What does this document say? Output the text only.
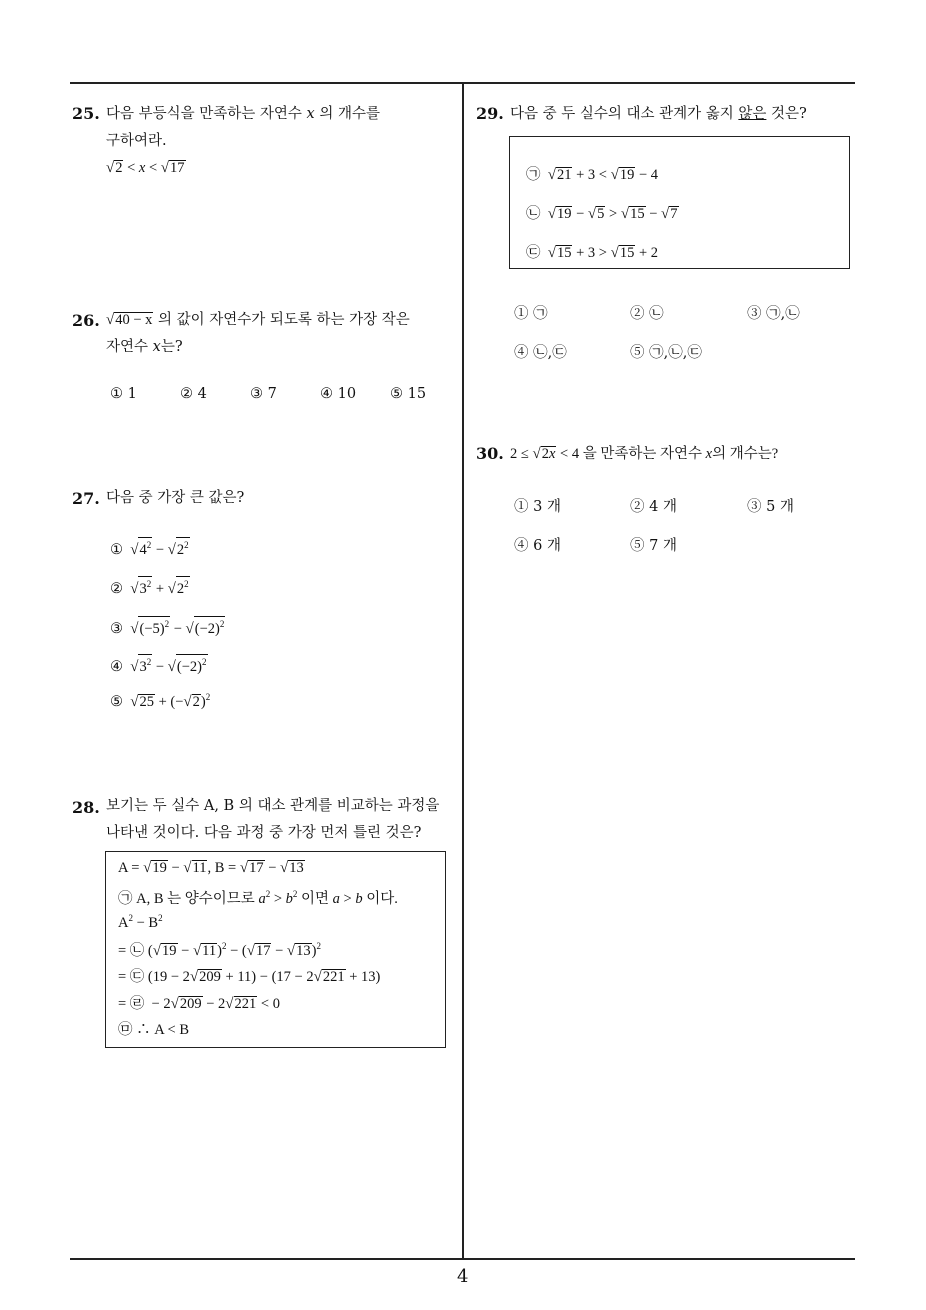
4
25. 다음 부등식을 만족하는 자연수 x 의 개수를
구하여라.
√2 < x < √17
26. √40 − x 의 값이 자연수가 되도록 하는 가장 작은
자연수 x는?
① 1	② 4	③ 7	④ 10 ⑤ 15
27. 다음 중 가장 큰 값은?
① $√4^2 - √2^2$
② $√3^2 + √2^2$
③ $√(-5)^2 - √(-2)^2$
④ $√3^2 - √(-2)^2$
⑤ $√25 + (-√2)^2$
28. 보기는 두 실수 A, B 의 대소 관계를 비교하는 과정을
나타낸 것이다. 다음 과정 중 가장 먼저 틀린 것은?
A = √19 − √11, B = √17 − √13
㉠ A, B 는 양수이므로 $a^2 > b^2$ 이면 a > b 이다.
$A^2 - B^2$
= ㉡ $(√19 - √11)^2 - (√17 - √13)^2$
= ㉢ (19 − 2√209 + 11) − (17 − 2√221 + 13)
= ㉣  − 2√209 − 2√221 < 0
㉤ ∴ A < B
29. 다음 중 두 실수의 대소 관계가 옳지 않은 것은?
㉠  √21 + 3 < √19 − 4
㉡  √19 − √5 > √15 − √7
㉢  √15 + 3 > √15 + 2
① ㉠	② ㉡	③ ㉠,㉡
④ ㉡,㉢	⑤ ㉠,㉡,㉢
30. 2 ≤ √2x < 4 을 만족하는 자연수 x의 개수는?
① 3 개	② 4 개	③ 5 개
④ 6 개	⑤ 7 개
